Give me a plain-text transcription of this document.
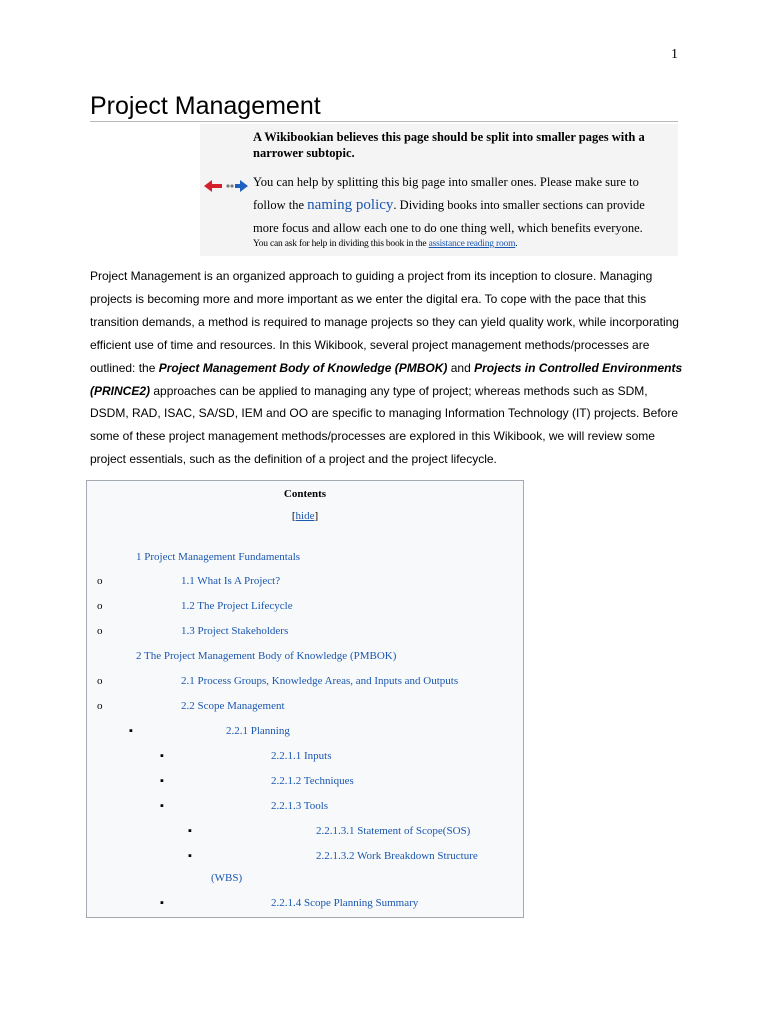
1
Project Management
A Wikibookian believes this page should be split into smaller pages with a narrower subtopic.
You can help by splitting this big page into smaller ones. Please make sure to follow the naming policy. Dividing books into smaller sections can provide more focus and allow each one to do one thing well, which benefits everyone.
You can ask for help in dividing this book in the assistance reading room.

Project Management is an organized approach to guiding a project from its inception to closure. Managing projects is becoming more and more important as we enter the digital era. To cope with the pace that this transition demands, a method is required to manage projects so they can yield quality work, while incorporating efficient use of time and resources. In this Wikibook, several project management methods/processes are outlined: the Project Management Body of Knowledge (PMBOK) and Projects in Controlled Environments (PRINCE2) approaches can be applied to managing any type of project; whereas methods such as SDM, DSDM, RAD, ISAC, SA/SD, IEM and OO are specific to managing Information Technology (IT) projects. Before some of these project management methods/processes are explored in this Wikibook, we will review some project essentials, such as the definition of a project and the project lifecycle.

Contents
[hide]
1 Project Management Fundamentals
o	1.1 What Is A Project?
o	1.2 The Project Lifecycle
o	1.3 Project Stakeholders
2 The Project Management Body of Knowledge (PMBOK)
o	2.1 Process Groups, Knowledge Areas, and Inputs and Outputs
o	2.2 Scope Management
▪	2.2.1 Planning
▪	2.2.1.1 Inputs
▪	2.2.1.2 Techniques
▪	2.2.1.3 Tools
▪	2.2.1.3.1 Statement of Scope(SOS)
▪	2.2.1.3.2 Work Breakdown Structure
(WBS)
▪	2.2.1.4 Scope Planning Summary
